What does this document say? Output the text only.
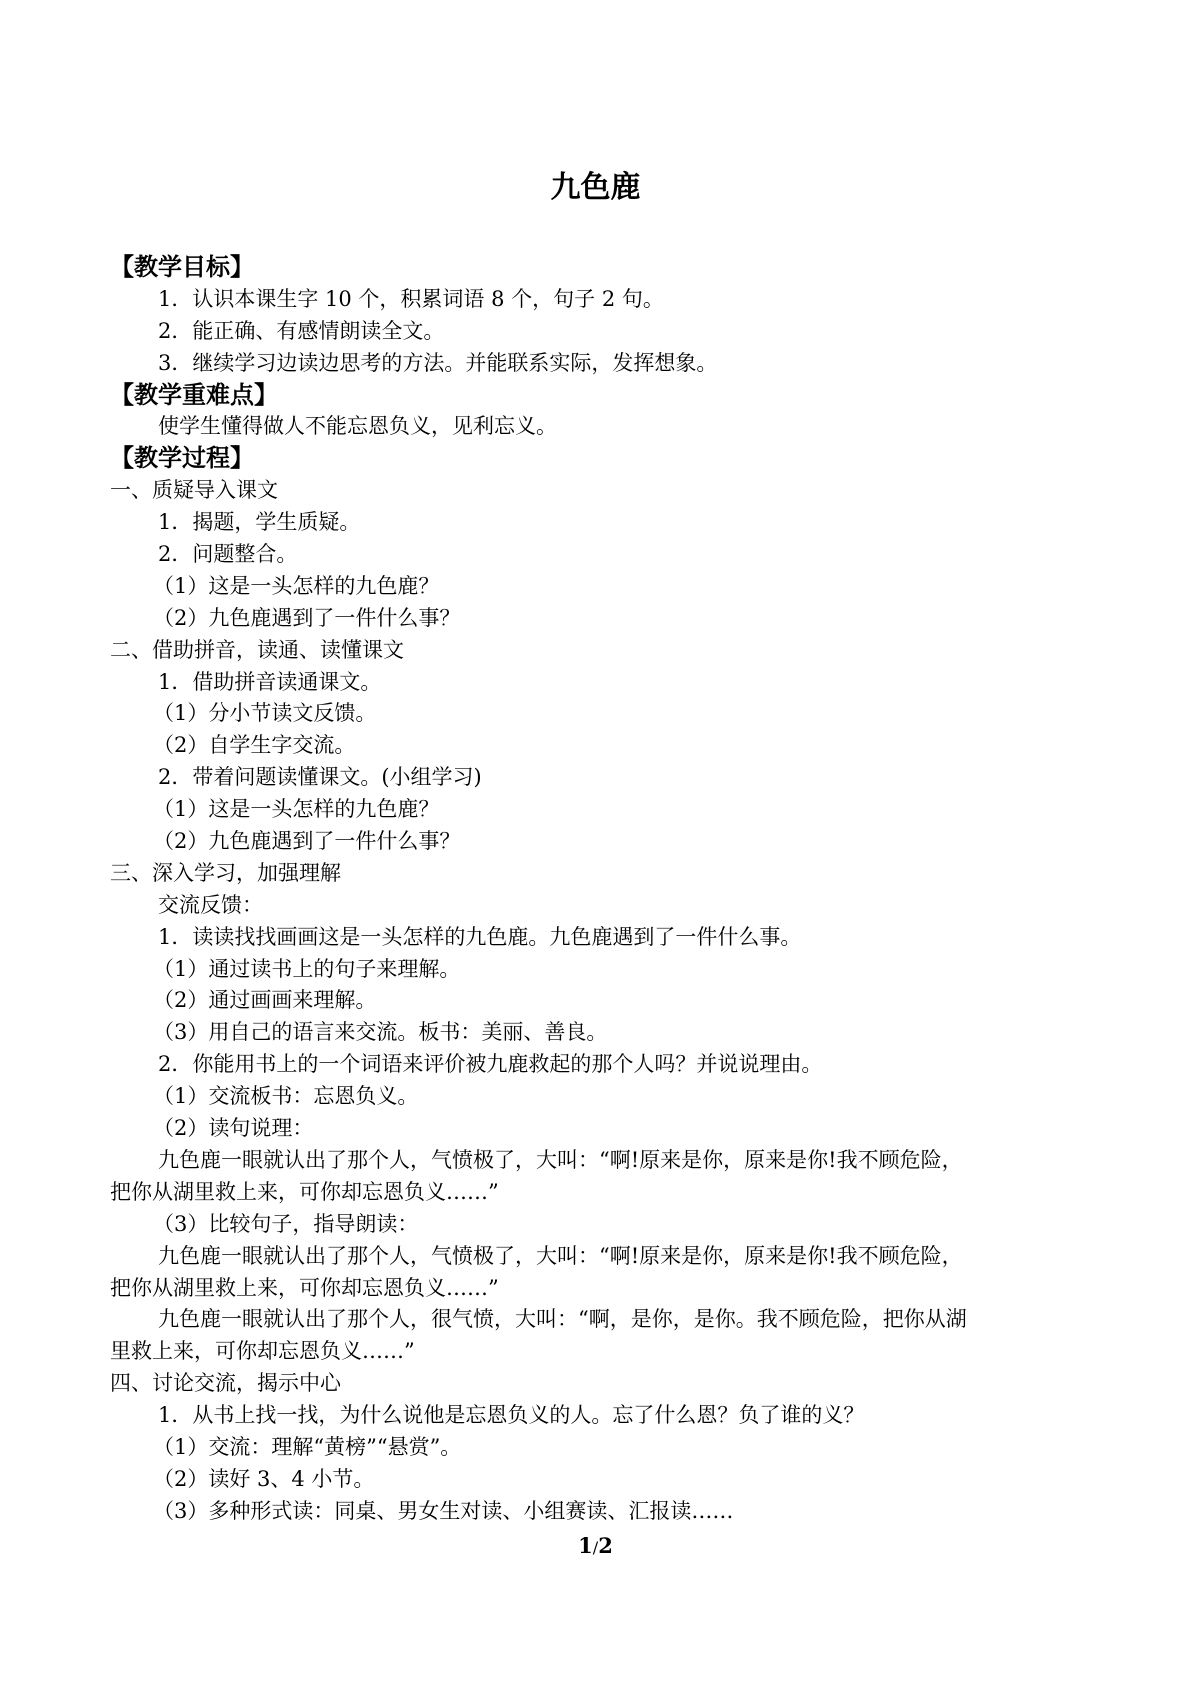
九色鹿
【教学目标】
1．认识本课生字 10 个，积累词语 8 个，句子 2 句。
2．能正确、有感情朗读全文。
3．继续学习边读边思考的方法。并能联系实际，发挥想象。
【教学重难点】
使学生懂得做人不能忘恩负义，见利忘义。
【教学过程】
一、质疑导入课文
1．揭题，学生质疑。
2．问题整合。
（1）这是一头怎样的九色鹿？
（2）九色鹿遇到了一件什么事？
二、借助拼音，读通、读懂课文
1．借助拼音读通课文。
（1）分小节读文反馈。
（2）自学生字交流。
2．带着问题读懂课文。(小组学习)
（1）这是一头怎样的九色鹿？
（2）九色鹿遇到了一件什么事？
三、深入学习，加强理解
交流反馈：
1．读读找找画画这是一头怎样的九色鹿。九色鹿遇到了一件什么事。
（1）通过读书上的句子来理解。
（2）通过画画来理解。
（3）用自己的语言来交流。板书：美丽、善良。
2．你能用书上的一个词语来评价被九鹿救起的那个人吗？并说说理由。
（1）交流板书：忘恩负义。
（2）读句说理：
九色鹿一眼就认出了那个人，气愤极了，大叫：“啊!原来是你，原来是你!我不顾危险，
把你从湖里救上来，可你却忘恩负义……”
（3）比较句子，指导朗读：
九色鹿一眼就认出了那个人，气愤极了，大叫：“啊!原来是你，原来是你!我不顾危险，
把你从湖里救上来，可你却忘恩负义……”
九色鹿一眼就认出了那个人，很气愤，大叫：“啊，是你，是你。我不顾危险，把你从湖
里救上来，可你却忘恩负义……”
四、讨论交流，揭示中心
1．从书上找一找，为什么说他是忘恩负义的人。忘了什么恩？负了谁的义？
（1）交流：理解“黄榜”“悬赏”。
（2）读好 3、4 小节。
（3）多种形式读：同桌、男女生对读、小组赛读、汇报读……
1/2
